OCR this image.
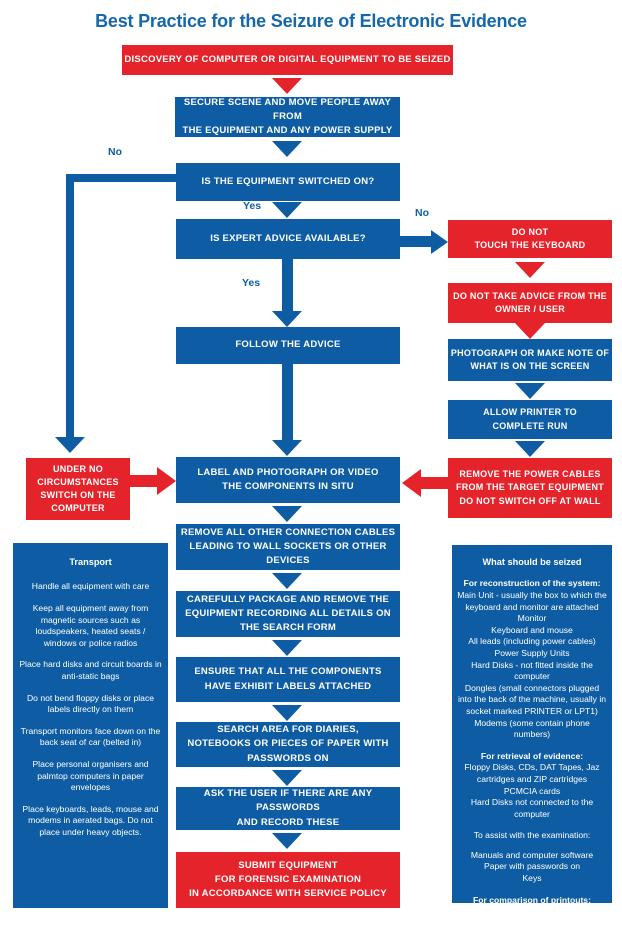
Best Practice for the Seizure of Electronic Evidence
DISCOVERY OF COMPUTER OR DIGITAL EQUIPMENT TO BE SEIZED
SECURE SCENE AND MOVE PEOPLE AWAY FROM
THE EQUIPMENT AND ANY POWER SUPPLY
IS THE EQUIPMENT SWITCHED ON?
No
Yes
IS EXPERT ADVICE AVAILABLE?
No
DO NOT
TOUCH THE KEYBOARD
DO NOT TAKE ADVICE FROM THE
OWNER / USER
PHOTOGRAPH OR MAKE NOTE OF
WHAT IS ON THE SCREEN
ALLOW PRINTER TO
COMPLETE RUN
REMOVE THE POWER CABLES
FROM THE TARGET EQUIPMENT
DO NOT SWITCH OFF AT WALL
Yes
FOLLOW THE ADVICE
UNDER NO
CIRCUMSTANCES
SWITCH ON THE
COMPUTER
LABEL AND PHOTOGRAPH OR VIDEO
THE COMPONENTS IN SITU
REMOVE ALL OTHER CONNECTION CABLES
LEADING TO WALL SOCKETS OR OTHER DEVICES
CAREFULLY PACKAGE AND REMOVE THE
EQUIPMENT RECORDING ALL DETAILS ON
THE SEARCH FORM
ENSURE THAT ALL THE COMPONENTS
HAVE EXHIBIT LABELS ATTACHED
SEARCH AREA FOR DIARIES,
NOTEBOOKS OR PIECES OF PAPER WITH
PASSWORDS ON
ASK THE USER IF THERE ARE ANY PASSWORDS
AND RECORD THESE
SUBMIT EQUIPMENT
FOR FORENSIC EXAMINATION
IN ACCORDANCE WITH SERVICE POLICY
Transport

Handle all equipment with care

Keep all equipment away from magnetic sources such as loudspeakers, heated seats / windows or police radios

Place hard disks and circuit boards in anti-static bags

Do not bend floppy disks or place labels directly on them

Transport monitors face down on the back seat of car (belted in)

Place personal organisers and palmtop computers in paper envelopes

Place keyboards, leads, mouse and modems in aerated bags. Do not place under heavy objects.

What should be seized
For reconstruction of the system:
Main Unit - usually the box to which the keyboard and monitor are attached
Monitor
Keyboard and mouse
All leads (including power cables)
Power Supply Units
Hard Disks - not fitted inside the computer
Dongles (small connectors plugged into the back of the machine, usually in socket marked PRINTER or LPT1)
Modems (some contain phone numbers)
For retrieval of evidence:
Floppy Disks, CDs, DAT Tapes, Jaz cartridges and ZIP cartridges
PCMCIA cards
Hard Disks not connected to the computer
To assist with the examination:
Manuals and computer software
Paper with passwords on
Keys
For comparison of printouts:
Printers
Printouts and Printer paper
